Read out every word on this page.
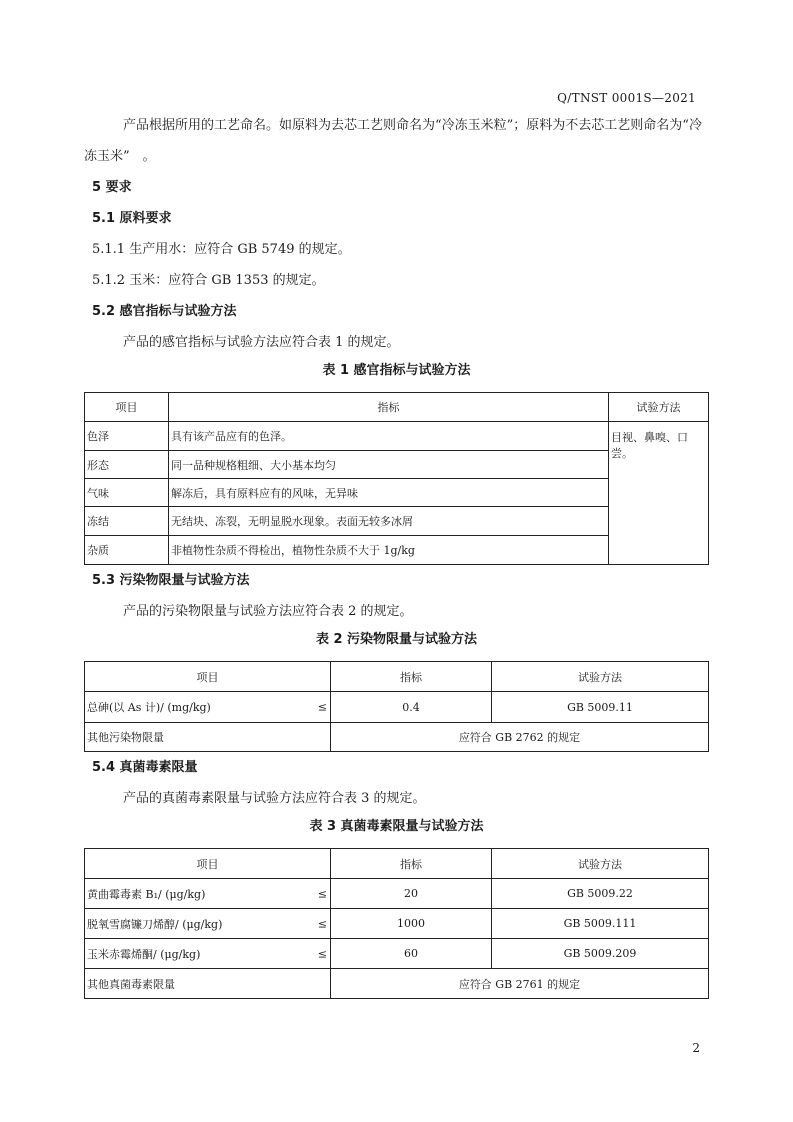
Q/TNST 0001S—2021

产品根据所用的工艺命名。如原料为去芯工艺则命名为“冷冻玉米粒”；原料为不去芯工艺则命名为“冷冻玉米”　。

5 要求

5.1 原料要求

5.1.1 生产用水：应符合 GB 5749 的规定。

5.1.2 玉米：应符合 GB 1353 的规定。

5.2 感官指标与试验方法

产品的感官指标与试验方法应符合表 1 的规定。

表 1 感官指标与试验方法
项目	指标	试验方法
色泽	具有该产品应有的色泽。	目视、鼻嗅、口尝。
形态	同一品种规格粗细、大小基本均匀	
气味	解冻后，具有原料应有的风味，无异味	
冻结	无结块、冻裂，无明显脱水现象。表面无较多冰屑	
杂质	非植物性杂质不得检出，植物性杂质不大于 1g/kg	

5.3 污染物限量与试验方法

产品的污染物限量与试验方法应符合表 2 的规定。

表 2 污染物限量与试验方法
项目	指标	试验方法
总砷(以 As 计)/ (mg/kg) ≤	0.4	GB 5009.11
其他污染物限量	应符合 GB 2762 的规定	

5.4 真菌毒素限量

产品的真菌毒素限量与试验方法应符合表 3 的规定。

表 3 真菌毒素限量与试验方法
项目	指标	试验方法
黄曲霉毒素 B₁/ (μg/kg) ≤	20	GB 5009.22
脱氧雪腐镰刀烯醇/ (μg/kg) ≤	1000	GB 5009.111
玉米赤霉烯酮/ (μg/kg) ≤	60	GB 5009.209
其他真菌毒素限量	应符合 GB 2761 的规定	
2
